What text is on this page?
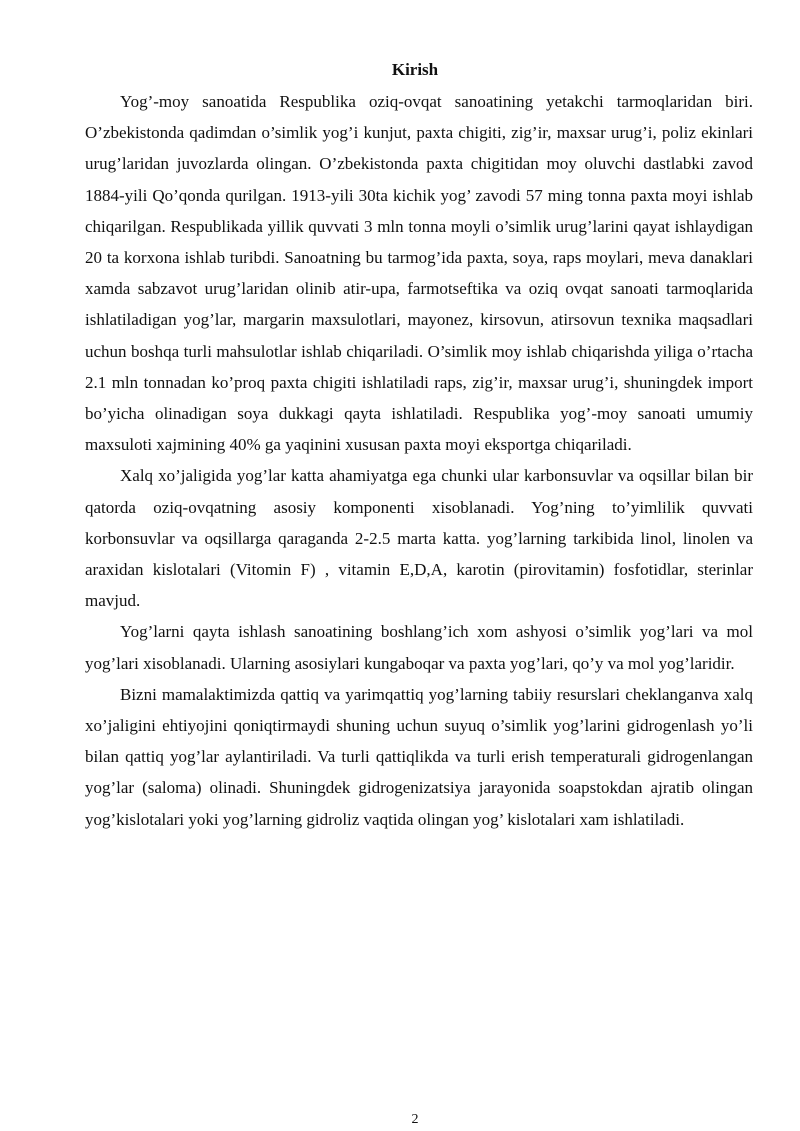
Kirish

Yog’-moy sanoatida Respublika oziq-ovqat sanoatining yetakchi tarmoqlaridan biri. O’zbekistonda qadimdan o’simlik yog’i kunjut, paxta chigiti, zig’ir, maxsar urug’i, poliz ekinlari urug’laridan juvozlarda olingan. O’zbekistonda paxta chigitidan moy oluvchi dastlabki zavod 1884-yili Qo’qonda qurilgan. 1913-yili 30ta kichik yog’ zavodi 57 ming tonna paxta moyi ishlab chiqarilgan. Respublikada yillik quvvati 3 mln tonna moyli o’simlik urug’larini qayat ishlaydigan 20 ta korxona ishlab turibdi. Sanoatning bu tarmog’ida paxta, soya, raps moylari, meva danaklari xamda sabzavot urug’laridan olinib atir-upa, farmotseftika va oziq ovqat sanoati tarmoqlarida ishlatiladigan yog’lar, margarin maxsulotlari, mayonez, kirsovun, atirsovun texnika maqsadlari uchun boshqa turli mahsulotlar ishlab chiqariladi. O’simlik moy ishlab chiqarishda yiliga o’rtacha 2.1 mln tonnadan ko’proq paxta chigiti ishlatiladi raps, zig’ir, maxsar urug’i, shuningdek import bo’yicha olinadigan soya dukkagi qayta ishlatiladi. Respublika yog’-moy sanoati umumiy maxsuloti xajmining 40% ga yaqinini xususan paxta moyi eksportga chiqariladi.

Xalq xo’jaligida yog’lar katta ahamiyatga ega chunki ular karbonsuvlar va oqsillar bilan bir qatorda oziq-ovqatning asosiy komponenti xisoblanadi. Yog’ning to’yimlilik quvvati korbonsuvlar va oqsillarga qaraganda 2-2.5 marta katta. yog’larning tarkibida linol, linolen va araxidan kislotalari (Vitomin F) , vitamin E,D,A, karotin (pirovitamin) fosfotidlar, sterinlar mavjud.

Yog’larni qayta ishlash sanoatining boshlang’ich xom ashyosi o’simlik yog’lari va mol yog’lari xisoblanadi. Ularning asosiylari kungaboqar va paxta yog’lari, qo’y va mol yog’laridir.

Bizni mamalaktimizda qattiq va yarimqattiq yog’larning tabiiy resurslari cheklanganva xalq xo’jaligini ehtiyojini qoniqtirmaydi shuning uchun suyuq o’simlik yog’larini gidrogenlash yo’li bilan qattiq yog’lar aylantiriladi. Va turli qattiqlikda va turli erish temperaturali gidrogenlangan yog’lar (saloma) olinadi. Shuningdek gidrogenizatsiya jarayonida soapstokdan ajratib olingan yog’kislotalari yoki yog’larning gidroliz vaqtida olingan yog’ kislotalari xam ishlatiladi.

2
